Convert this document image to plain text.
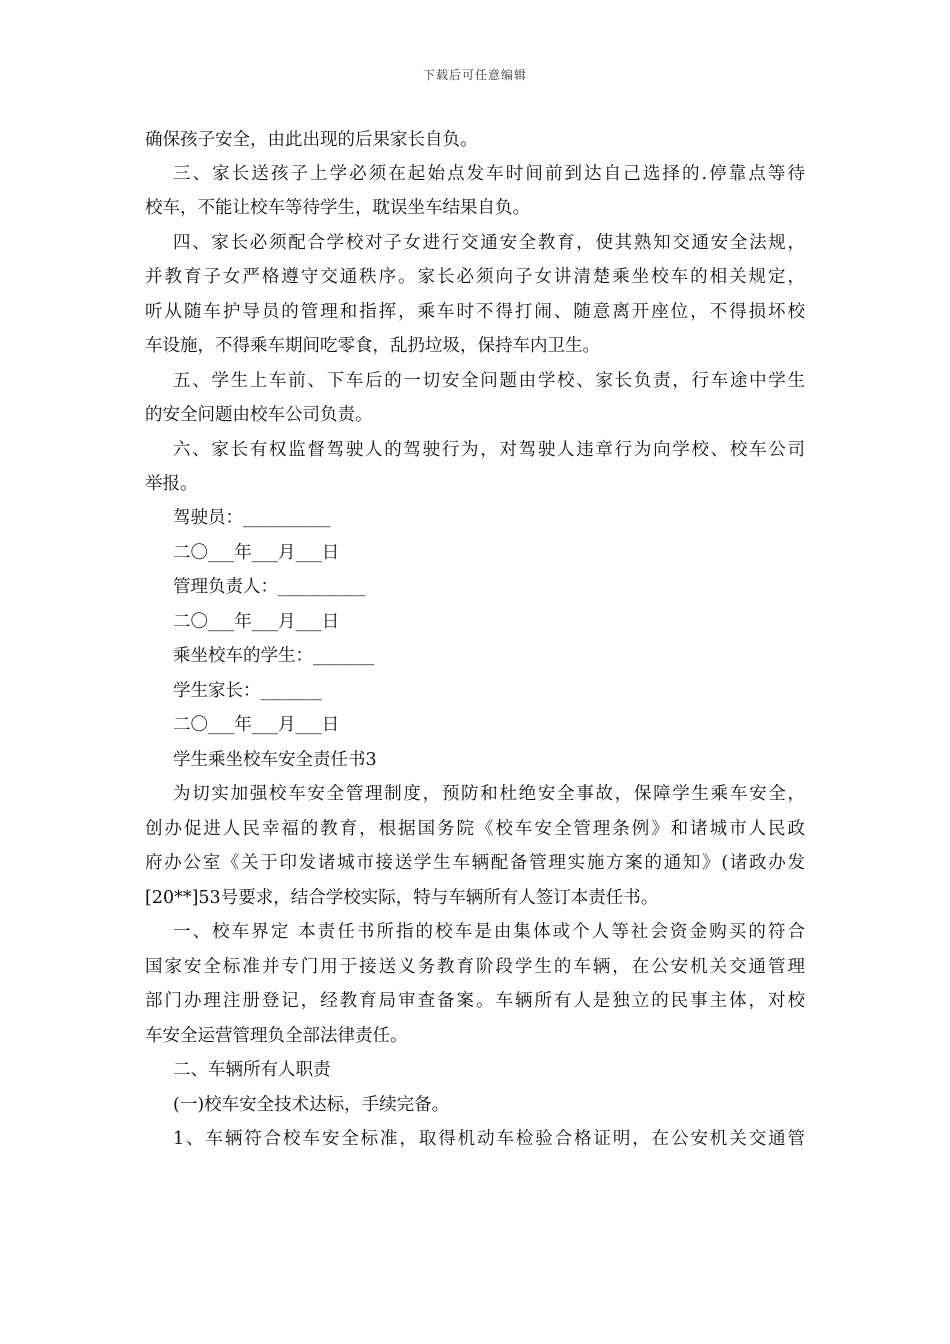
下载后可任意编辑
确保孩子安全，由此出现的后果家长自负。
三、家长送孩子上学必须在起始点发车时间前到达自己选择的.停靠点等待
校车，不能让校车等待学生，耽误坐车结果自负。
四、家长必须配合学校对子女进行交通安全教育，使其熟知交通安全法规，
并教育子女严格遵守交通秩序。家长必须向子女讲清楚乘坐校车的相关规定，
听从随车护导员的管理和指挥，乘车时不得打闹、随意离开座位，不得损坏校
车设施，不得乘车期间吃零食，乱扔垃圾，保持车内卫生。
五、学生上车前、下车后的一切安全问题由学校、家长负责，行车途中学生
的安全问题由校车公司负责。
六、家长有权监督驾驶人的驾驶行为，对驾驶人违章行为向学校、校车公司
举报。
驾驶员：__________
二〇___年___月___日
管理负责人：__________
二〇___年___月___日
乘坐校车的学生：_______
学生家长：_______
二〇___年___月___日
学生乘坐校车安全责任书3
为切实加强校车安全管理制度，预防和杜绝安全事故，保障学生乘车安全，
创办促进人民幸福的教育，根据国务院《校车安全管理条例》和诸城市人民政
府办公室《关于印发诸城市接送学生车辆配备管理实施方案的通知》(诸政办发
[20**]53号要求，结合学校实际，特与车辆所有人签订本责任书。
一、校车界定 本责任书所指的校车是由集体或个人等社会资金购买的符合
国家安全标准并专门用于接送义务教育阶段学生的车辆，在公安机关交通管理
部门办理注册登记，经教育局审查备案。车辆所有人是独立的民事主体，对校
车安全运营管理负全部法律责任。
二、车辆所有人职责
(一)校车安全技术达标，手续完备。
1、车辆符合校车安全标准，取得机动车检验合格证明，在公安机关交通管
